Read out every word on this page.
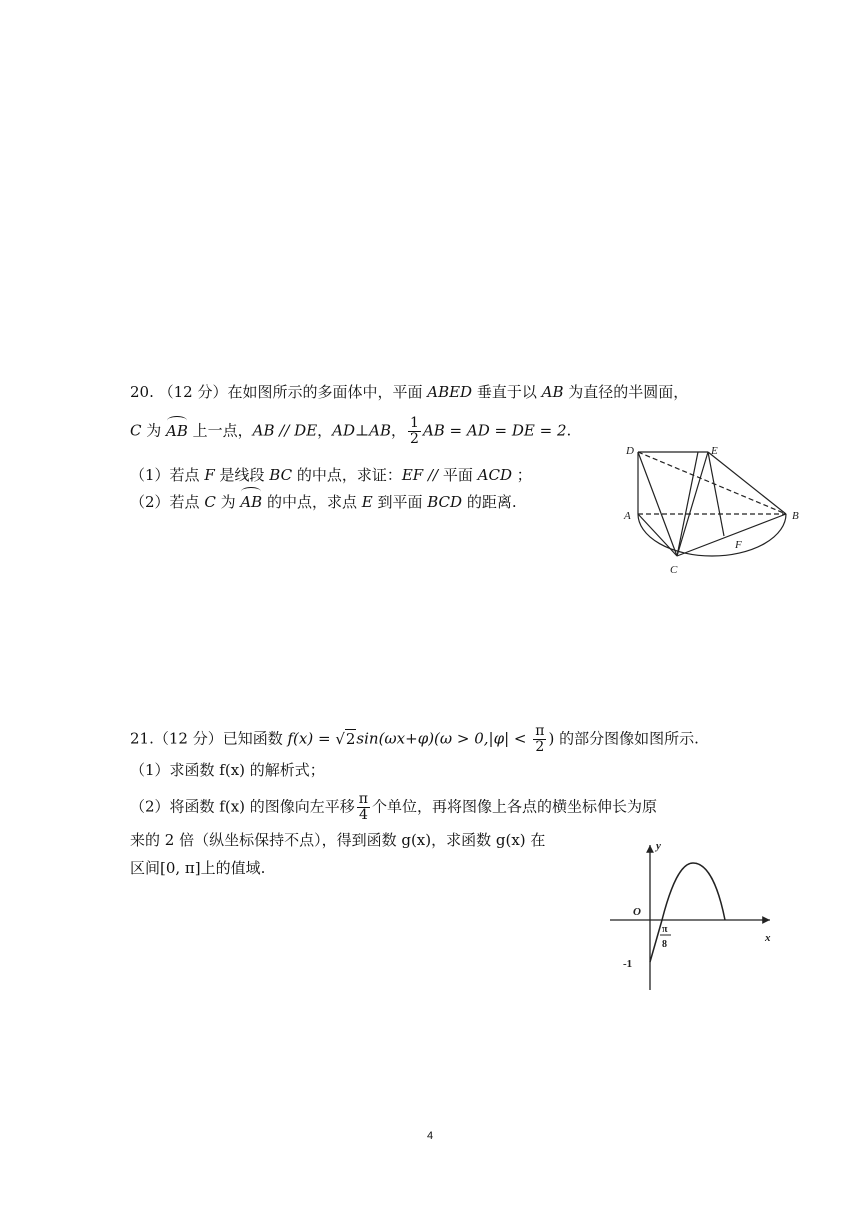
20. （12 分）在如图所示的多面体中，平面 ABED 垂直于以 AB 为直径的半圆面，
C 为 AB 上一点，AB // DE，AD⊥AB， $\frac{1}{2}$ AB = AD = DE = 2.
（1）若点 F 是线段 BC 的中点，求证：EF // 平面 ACD ；
（2）若点 C 为 AB 的中点，求点 E 到平面 BCD 的距离.
D	E
A	B
C
F
21.（12 分）已知函数 $f(x) = √2\sin(\omega x+\varphi)(\omega > 0,|\varphi| < \frac{\pi}{2}$ ) 的部分图像如图所示.
（1）求函数 f(x) 的解析式；
（2）将函数 f(x) 的图像向左平移 $\frac{\pi}{4}$ 个单位，再将图像上各点的横坐标伸长为原
来的 2 倍（纵坐标保持不点），得到函数 g(x)，求函数 g(x) 在
区间[0, π]上的值域.
y
x
O
-1
π
8
4
